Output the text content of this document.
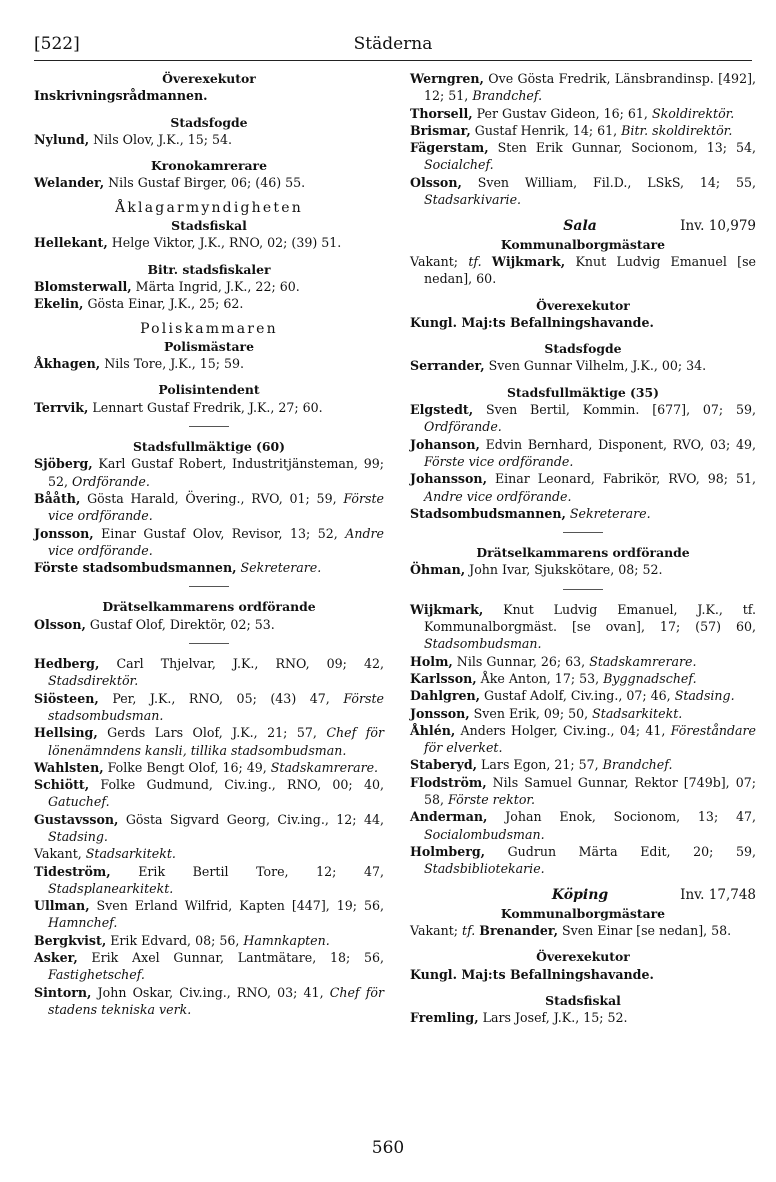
[522]	Städerna
Överexekutor
Inskrivningsrådmannen.
Stadsfogde
Nylund, Nils Olov, J.K., 15; 54.
Kronokamrerare
Welander, Nils Gustaf Birger, 06; (46) 55.
Åklagarmyndigheten
Stadsfiskal
Hellekant, Helge Viktor, J.K., RNO, 02; (39) 51.
Bitr. stadsfiskaler
Blomsterwall, Märta Ingrid, J.K., 22; 60.
Ekelin, Gösta Einar, J.K., 25; 62.
Poliskammaren
Polismästare
Åkhagen, Nils Tore, J.K., 15; 59.
Polisintendent
Terrvik, Lennart Gustaf Fredrik, J.K., 27; 60.
Stadsfullmäktige (60)
Sjöberg, Karl Gustaf Robert, Industritjänsteman, 99; 52, Ordförande.
Bååth, Gösta Harald, Övering., RVO, 01; 59, Förste vice ordförande.
Jonsson, Einar Gustaf Olov, Revisor, 13; 52, Andre vice ordförande.
Förste stadsombudsmannen, Sekreterare.
Drätselkammarens ordförande
Olsson, Gustaf Olof, Direktör, 02; 53.
Hedberg, Carl Thjelvar, J.K., RNO, 09; 42, Stadsdirektör.
Siösteen, Per, J.K., RNO, 05; (43) 47, Förste stadsombudsman.
Hellsing, Gerds Lars Olof, J.K., 21; 57, Chef för lönenämndens kansli, tillika stadsombudsman.
Wahlsten, Folke Bengt Olof, 16; 49, Stadskamrerare.
Schiött, Folke Gudmund, Civ.ing., RNO, 00; 40, Gatuchef.
Gustavsson, Gösta Sigvard Georg, Civ.ing., 12; 44, Stadsing.
Vakant, Stadsarkitekt.
Tideström, Erik Bertil Tore, 12; 47, Stadsplanearkitekt.
Ullman, Sven Erland Wilfrid, Kapten [447], 19; 56, Hamnchef.
Bergkvist, Erik Edvard, 08; 56, Hamnkapten.
Asker, Erik Axel Gunnar, Lantmätare, 18; 56, Fastighetschef.
Sintorn, John Oskar, Civ.ing., RNO, 03; 41, Chef för stadens tekniska verk.
Werngren, Ove Gösta Fredrik, Länsbrandinsp. [492], 12; 51, Brandchef.
Thorsell, Per Gustav Gideon, 16; 61, Skoldirektör.
Brismar, Gustaf Henrik, 14; 61, Bitr. skoldirektör.
Fägerstam, Sten Erik Gunnar, Socionom, 13; 54, Socialchef.
Olsson, Sven William, Fil.D., LSkS, 14; 55, Stadsarkivarie.
Sala	Inv. 10,979
Kommunalborgmästare
Vakant; tf. Wijkmark, Knut Ludvig Emanuel [se nedan], 60.
Överexekutor
Kungl. Maj:ts Befallningshavande.
Stadsfogde
Serrander, Sven Gunnar Vilhelm, J.K., 00; 34.
Stadsfullmäktige (35)
Elgstedt, Sven Bertil, Kommin. [677], 07; 59, Ordförande.
Johanson, Edvin Bernhard, Disponent, RVO, 03; 49, Förste vice ordförande.
Johansson, Einar Leonard, Fabrikör, RVO, 98; 51, Andre vice ordförande.
Stadsombudsmannen, Sekreterare.
Drätselkammarens ordförande
Öhman, John Ivar, Sjukskötare, 08; 52.
Wijkmark, Knut Ludvig Emanuel, J.K., tf. Kommunalborgmäst. [se ovan], 17; (57) 60, Stadsombudsman.
Holm, Nils Gunnar, 26; 63, Stadskamrerare.
Karlsson, Åke Anton, 17; 53, Byggnadschef.
Dahlgren, Gustaf Adolf, Civ.ing., 07; 46, Stadsing.
Jonsson, Sven Erik, 09; 50, Stadsarkitekt.
Åhlén, Anders Holger, Civ.ing., 04; 41, Föreståndare för elverket.
Staberyd, Lars Egon, 21; 57, Brandchef.
Flodström, Nils Samuel Gunnar, Rektor [749b], 07; 58, Förste rektor.
Anderman, Johan Enok, Socionom, 13; 47, Socialombudsman.
Holmberg, Gudrun Märta Edit, 20; 59, Stadsbibliotekarie.
Köping	Inv. 17,748
Kommunalborgmästare
Vakant; tf. Brenander, Sven Einar [se nedan], 58.
Överexekutor
Kungl. Maj:ts Befallningshavande.
Stadsfiskal
Fremling, Lars Josef, J.K., 15; 52.
560
